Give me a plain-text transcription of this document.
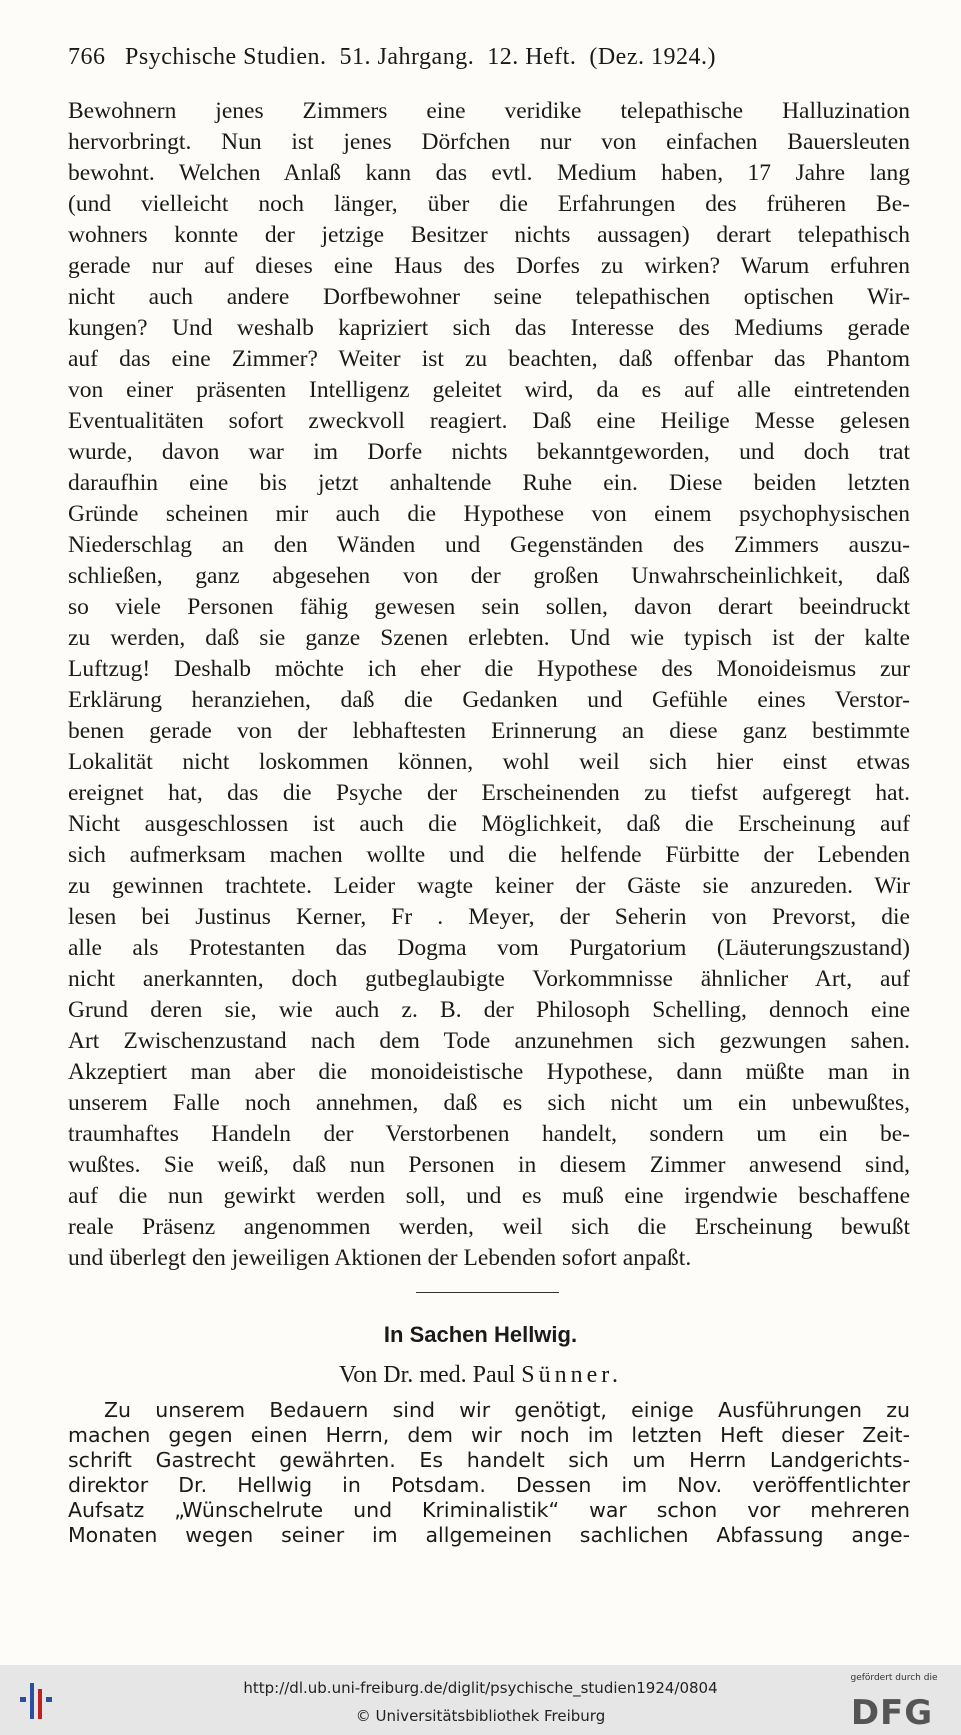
766 Psychische Studien.  51. Jahrgang.  12. Heft.  (Dez. 1924.)
Bewohnern jenes Zimmers eine veridike telepathische Halluzination
hervorbringt. Nun ist jenes Dörfchen nur von einfachen Bauersleuten
bewohnt. Welchen Anlaß kann das evtl. Medium haben, 17 Jahre lang
(und vielleicht noch länger, über die Erfahrungen des früheren Be-
wohners konnte der jetzige Besitzer nichts aussagen) derart telepathisch
gerade nur auf dieses eine Haus des Dorfes zu wirken? Warum erfuhren
nicht auch andere Dorfbewohner seine telepathischen optischen Wir-
kungen? Und weshalb kapriziert sich das Interesse des Mediums gerade
auf das eine Zimmer? Weiter ist zu beachten, daß offenbar das Phantom
von einer präsenten Intelligenz geleitet wird, da es auf alle eintretenden
Eventualitäten sofort zweckvoll reagiert. Daß eine Heilige Messe gelesen
wurde, davon war im Dorfe nichts bekanntgeworden, und doch trat
daraufhin eine bis jetzt anhaltende Ruhe ein. Diese beiden letzten
Gründe scheinen mir auch die Hypothese von einem psychophysischen
Niederschlag an den Wänden und Gegenständen des Zimmers auszu-
schließen, ganz abgesehen von der großen Unwahrscheinlichkeit, daß
so viele Personen fähig gewesen sein sollen, davon derart beeindruckt
zu werden, daß sie ganze Szenen erlebten. Und wie typisch ist der kalte
Luftzug! Deshalb möchte ich eher die Hypothese des Monoideismus zur
Erklärung heranziehen, daß die Gedanken und Gefühle eines Verstor-
benen gerade von der lebhaftesten Erinnerung an diese ganz bestimmte
Lokalität nicht loskommen können, wohl weil sich hier einst etwas
ereignet hat, das die Psyche der Erscheinenden zu tiefst aufgeregt hat.
Nicht ausgeschlossen ist auch die Möglichkeit, daß die Erscheinung auf
sich aufmerksam machen wollte und die helfende Fürbitte der Lebenden
zu gewinnen trachtete. Leider wagte keiner der Gäste sie anzureden. Wir
lesen bei Justinus Kerner, Fr . Meyer, der Seherin von Prevorst, die
alle als Protestanten das Dogma vom Purgatorium (Läuterungszustand)
nicht anerkannten, doch gutbeglaubigte Vorkommnisse ähnlicher Art, auf
Grund deren sie, wie auch z. B. der Philosoph Schelling, dennoch eine
Art Zwischenzustand nach dem Tode anzunehmen sich gezwungen sahen.
Akzeptiert man aber die monoideistische Hypothese, dann müßte man in
unserem Falle noch annehmen, daß es sich nicht um ein unbewußtes,
traumhaftes Handeln der Verstorbenen handelt, sondern um ein be-
wußtes. Sie weiß, daß nun Personen in diesem Zimmer anwesend sind,
auf die nun gewirkt werden soll, und es muß eine irgendwie beschaffene
reale Präsenz angenommen werden, weil sich die Erscheinung bewußt
und überlegt den jeweiligen Aktionen der Lebenden sofort anpaßt.
In Sachen Hellwig.
Von Dr. med. Paul Sünner.
Zu unserem Bedauern sind wir genötigt, einige Ausführungen zu
machen gegen einen Herrn, dem wir noch im letzten Heft dieser Zeit-
schrift Gastrecht gewährten. Es handelt sich um Herrn Landgerichts-
direktor Dr. Hellwig in Potsdam. Dessen im Nov. veröffentlichter
Aufsatz „Wünschelrute und Kriminalistik“ war schon vor mehreren
Monaten wegen seiner im allgemeinen sachlichen Abfassung ange-
http://dl.ub.uni-freiburg.de/diglit/psychische_studien1924/0804
© Universitätsbibliothek Freiburg
gefördert durch die
DFG
